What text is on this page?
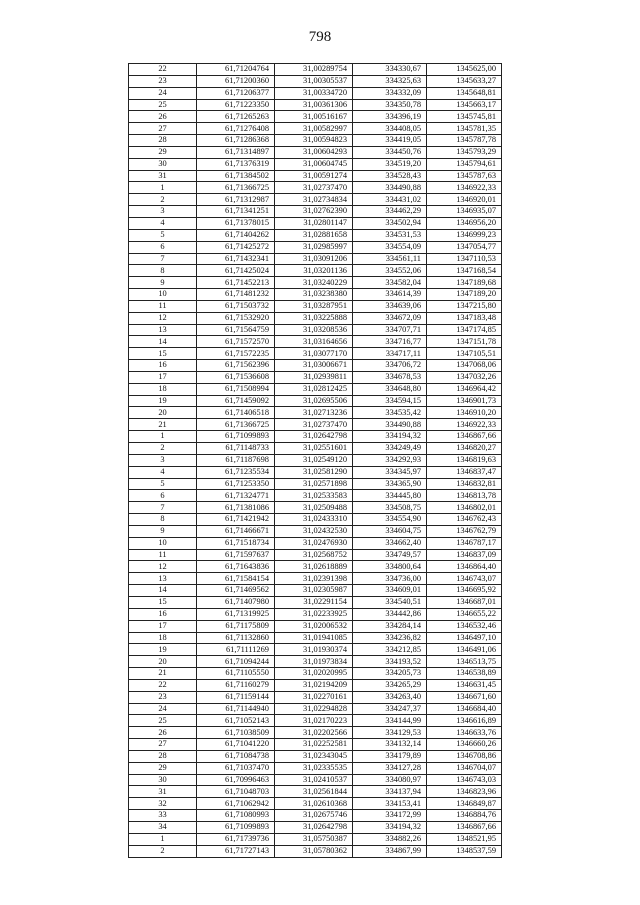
798
22	61,71204764	31,00289754	334330,67	1345625,00
23	61,71200360	31,00305537	334325,63	1345633,27
24	61,71206377	31,00334720	334332,09	1345648,81
25	61,71223350	31,00361306	334350,78	1345663,17
26	61,71265263	31,00516167	334396,19	1345745,81
27	61,71276408	31,00582997	334408,05	1345781,35
28	61,71286368	31,00594823	334419,05	1345787,78
29	61,71314897	31,00604293	334450,76	1345793,29
30	61,71376319	31,00604745	334519,20	1345794,61
31	61,71384502	31,00591274	334528,43	1345787,63
1	61,71366725	31,02737470	334490,88	1346922,33
2	61,71312987	31,02734834	334431,02	1346920,01
3	61,71341251	31,02762390	334462,29	1346935,07
4	61,71378015	31,02801147	334502,94	1346956,20
5	61,71404262	31,02881658	334531,53	1346999,23
6	61,71425272	31,02985997	334554,09	1347054,77
7	61,71432341	31,03091206	334561,11	1347110,53
8	61,71425024	31,03201136	334552,06	1347168,54
9	61,71452213	31,03240229	334582,04	1347189,68
10	61,71481232	31,03238380	334614,39	1347189,20
11	61,71503732	31,03287951	334639,06	1347215,80
12	61,71532920	31,03225888	334672,09	1347183,48
13	61,71564759	31,03208536	334707,71	1347174,85
14	61,71572570	31,03164656	334716,77	1347151,78
15	61,71572235	31,03077170	334717,11	1347105,51
16	61,71562396	31,03006671	334706,72	1347068,06
17	61,71536608	31,02939811	334678,53	1347032,26
18	61,71508994	31,02812425	334648,80	1346964,42
19	61,71459092	31,02695506	334594,15	1346901,73
20	61,71406518	31,02713236	334535,42	1346910,20
21	61,71366725	31,02737470	334490,88	1346922,33
1	61,71099893	31,02642798	334194,32	1346867,66
2	61,71148733	31,02551601	334249,49	1346820,27
3	61,71187698	31,02549120	334292,93	1346819,63
4	61,71235534	31,02581290	334345,97	1346837,47
5	61,71253350	31,02571898	334365,90	1346832,81
6	61,71324771	31,02533583	334445,80	1346813,78
7	61,71381086	31,02509488	334508,75	1346802,01
8	61,71421942	31,02433310	334554,90	1346762,43
9	61,71466671	31,02432530	334604,75	1346762,79
10	61,71518734	31,02476930	334662,40	1346787,17
11	61,71597637	31,02568752	334749,57	1346837,09
12	61,71643836	31,02618889	334800,64	1346864,40
13	61,71584154	31,02391398	334736,00	1346743,07
14	61,71469562	31,02305987	334609,01	1346695,92
15	61,71407980	31,02291154	334540,51	1346687,01
16	61,71319925	31,02233925	334442,86	1346655,22
17	61,71175809	31,02006532	334284,14	1346532,46
18	61,71132860	31,01941085	334236,82	1346497,10
19	61,71111269	31,01930374	334212,85	1346491,06
20	61,71094244	31,01973834	334193,52	1346513,75
21	61,71105550	31,02020995	334205,73	1346538,89
22	61,71160279	31,02194209	334265,29	1346631,45
23	61,71159144	31,02270161	334263,40	1346671,60
24	61,71144940	31,02294828	334247,37	1346684,40
25	61,71052143	31,02170223	334144,99	1346616,89
26	61,71038509	31,02202566	334129,53	1346633,76
27	61,71041220	31,02252581	334132,14	1346660,26
28	61,71084738	31,02343045	334179,89	1346708,86
29	61,71037470	31,02335535	334127,28	1346704,07
30	61,70996463	31,02410537	334080,97	1346743,03
31	61,71048703	31,02561844	334137,94	1346823,96
32	61,71062942	31,02610368	334153,41	1346849,87
33	61,71080993	31,02675746	334172,99	1346884,76
34	61,71099893	31,02642798	334194,32	1346867,66
1	61,71739736	31,05750387	334882,26	1348521,95
2	61,71727143	31,05780362	334867,99	1348537,59
